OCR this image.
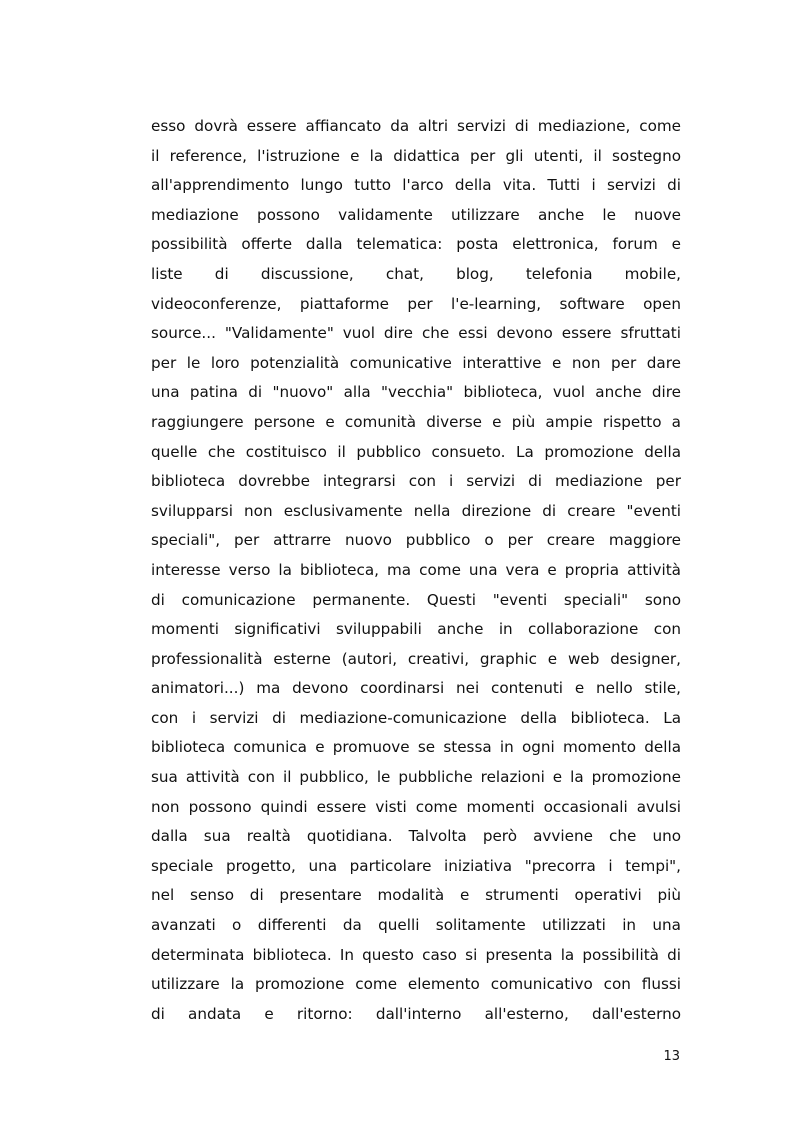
esso dovrà essere affiancato da altri servizi di mediazione, come
il reference, l'istruzione e la didattica per gli utenti, il sostegno
all'apprendimento lungo tutto l'arco della vita. Tutti i servizi di
mediazione possono validamente utilizzare anche le nuove
possibilità offerte dalla telematica: posta elettronica, forum e
liste di discussione, chat, blog, telefonia mobile,
videoconferenze, piattaforme per l'e-learning, software open
source... "Validamente" vuol dire che essi devono essere sfruttati
per le loro potenzialità comunicative interattive e non per dare
una patina di "nuovo" alla "vecchia" biblioteca, vuol anche dire
raggiungere persone e comunità diverse e più ampie rispetto a
quelle che costituisco il pubblico consueto. La promozione della
biblioteca dovrebbe integrarsi con i servizi di mediazione per
svilupparsi non esclusivamente nella direzione di creare "eventi
speciali", per attrarre nuovo pubblico o per creare maggiore
interesse verso la biblioteca, ma come una vera e propria attività
di comunicazione permanente. Questi "eventi speciali" sono
momenti significativi sviluppabili anche in collaborazione con
professionalità esterne (autori, creativi, graphic e web designer,
animatori...) ma devono coordinarsi nei contenuti e nello stile,
con i servizi di mediazione-comunicazione della biblioteca. La
biblioteca comunica e promuove se stessa in ogni momento della
sua attività con il pubblico, le pubbliche relazioni e la promozione
non possono quindi essere visti come momenti occasionali avulsi
dalla sua realtà quotidiana. Talvolta però avviene che uno
speciale progetto, una particolare iniziativa "precorra i tempi",
nel senso di presentare modalità e strumenti operativi più
avanzati o differenti da quelli solitamente utilizzati in una
determinata biblioteca. In questo caso si presenta la possibilità di
utilizzare la promozione come elemento comunicativo con flussi
di andata e ritorno: dall'interno all'esterno, dall'esterno
13
